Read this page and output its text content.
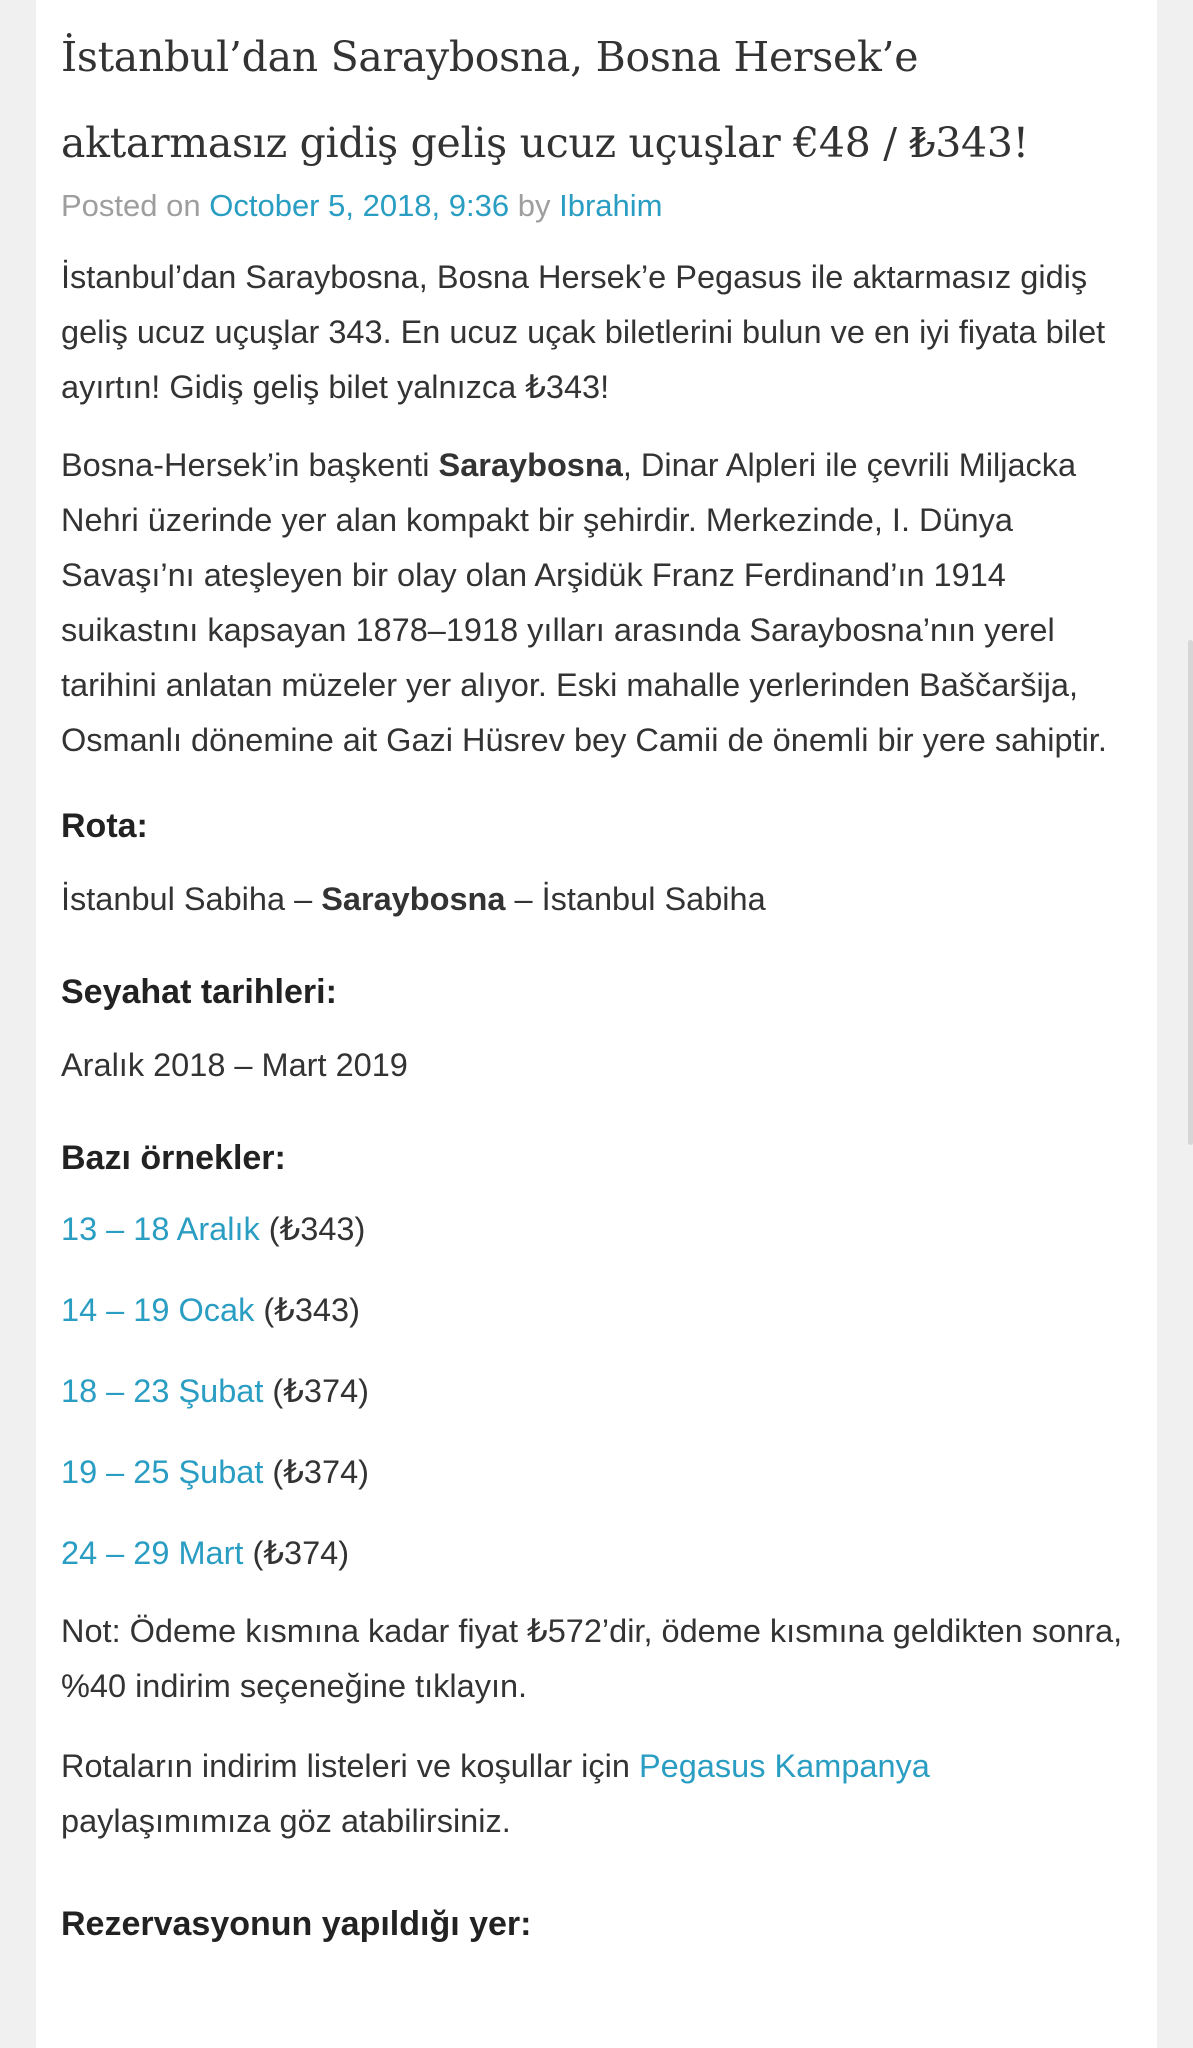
İstanbul’dan Saraybosna, Bosna Hersek’e aktarmasız gidiş geliş ucuz uçuşlar €48 / ₺343!
Posted on October 5, 2018, 9:36 by Ibrahim

İstanbul’dan Saraybosna, Bosna Hersek’e Pegasus ile aktarmasız gidiş geliş ucuz uçuşlar 343. En ucuz uçak biletlerini bulun ve en iyi fiyata bilet ayırtın! Gidiş geliş bilet yalnızca ₺343!

Bosna-Hersek’in başkenti Saraybosna, Dinar Alpleri ile çevrili Miljacka Nehri üzerinde yer alan kompakt bir şehirdir. Merkezinde, I. Dünya Savaşı’nı ateşleyen bir olay olan Arşidük Franz Ferdinand’ın 1914 suikastını kapsayan 1878–1918 yılları arasında Saraybosna’nın yerel tarihini anlatan müzeler yer alıyor. Eski mahalle yerlerinden Baščaršija, Osmanlı dönemine ait Gazi Hüsrev bey Camii de önemli bir yere sahiptir.

Rota:

İstanbul Sabiha – Saraybosna – İstanbul Sabiha

Seyahat tarihleri:

Aralık 2018 – Mart 2019

Bazı örnekler:

13 – 18 Aralık (₺343)

14 – 19 Ocak (₺343)

18 – 23 Şubat (₺374)

19 – 25 Şubat (₺374)

24 – 29 Mart (₺374)

Not: Ödeme kısmına kadar fiyat ₺572’dir, ödeme kısmına geldikten sonra, %40 indirim seçeneğine tıklayın.

Rotaların indirim listeleri ve koşullar için Pegasus Kampanya paylaşımımıza göz atabilirsiniz.

Rezervasyonun yapıldığı yer:
